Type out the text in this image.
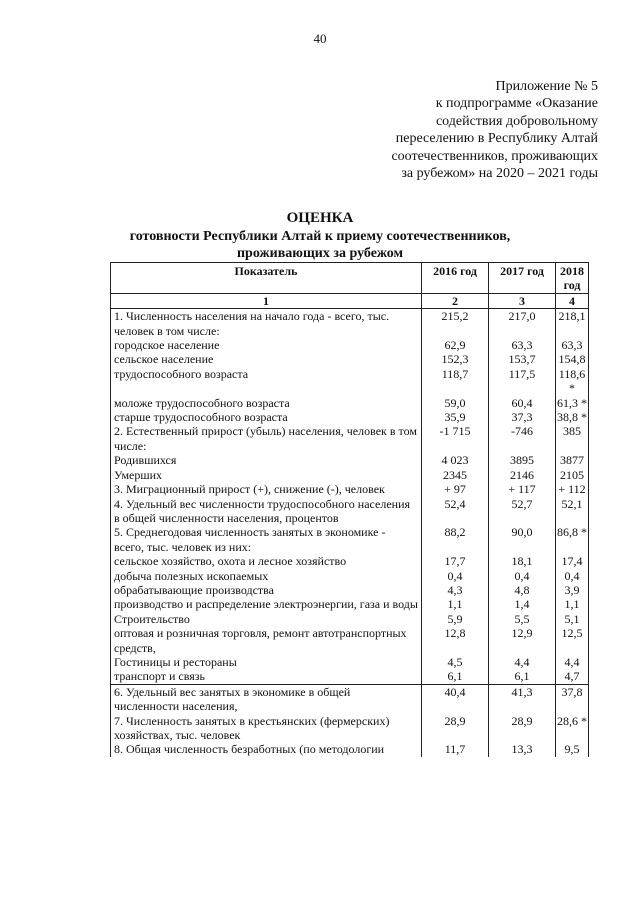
40
Приложение № 5
к подпрограмме «Оказание
содействия добровольному
переселению в Республику Алтай
соотечественников, проживающих
за рубежом» на 2020 – 2021 годы
ОЦЕНКА
готовности Республики Алтай к приему соотечественников,
проживающих за рубежом
Показатель	2016 год	2017 год	2018 год
1	2	3	4
1. Численность населения на начало года - всего, тыс. человек в том числе:	215,2	217,0	218,1
городское население	62,9	63,3	63,3
сельское население	152,3	153,7	154,8
трудоспособного возраста	118,7	117,5	118,6*
моложе трудоспособного возраста	59,0	60,4	61,3 *
старше трудоспособного возраста	35,9	37,3	38,8 *
2. Естественный прирост (убыль) населения, человек в том числе:	-1 715	-746	385
Родившихся	4 023	3895	3877
Умерших	2345	2146	2105
3. Миграционный прирост (+), снижение (-), человек	+ 97	+ 117	+ 112
4. Удельный вес численности трудоспособного населения в общей численности населения, процентов	52,4	52,7	52,1
5. Среднегодовая численность занятых в экономике - всего, тыс. человек из них:	88,2	90,0	86,8 *
сельское хозяйство, охота и лесное хозяйство	17,7	18,1	17,4
добыча полезных ископаемых	0,4	0,4	0,4
обрабатывающие производства	4,3	4,8	3,9
производство и распределение электроэнергии, газа и воды	1,1	1,4	1,1
Строительство	5,9	5,5	5,1
оптовая и розничная торговля, ремонт автотранспортных средств,	12,8	12,9	12,5
Гостиницы и рестораны	4,5	4,4	4,4
транспорт и связь	6,1	6,1	4,7
6. Удельный вес занятых в экономике в общей численности населения,	40,4	41,3	37,8
7. Численность занятых в крестьянских (фермерских) хозяйствах, тыс. человек	28,9	28,9	28,6 *
8. Общая численность безработных (по методологии	11,7	13,3	9,5
